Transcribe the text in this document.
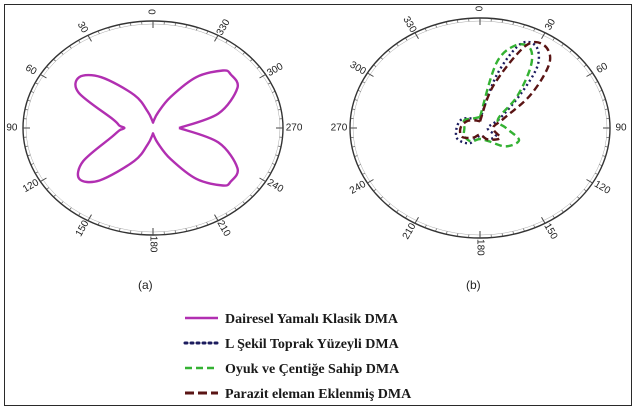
180
150
120
90
60
30
0
330
300
270
240
210
(a)
0
30
60
90
120
150
180
210
240
270
300
330
(b)
Dairesel Yamalı Klasik DMA
L Şekil Toprak Yüzeyli DMA
Oyuk ve Çentiğe Sahip DMA
Parazit eleman Eklenmiş DMA
